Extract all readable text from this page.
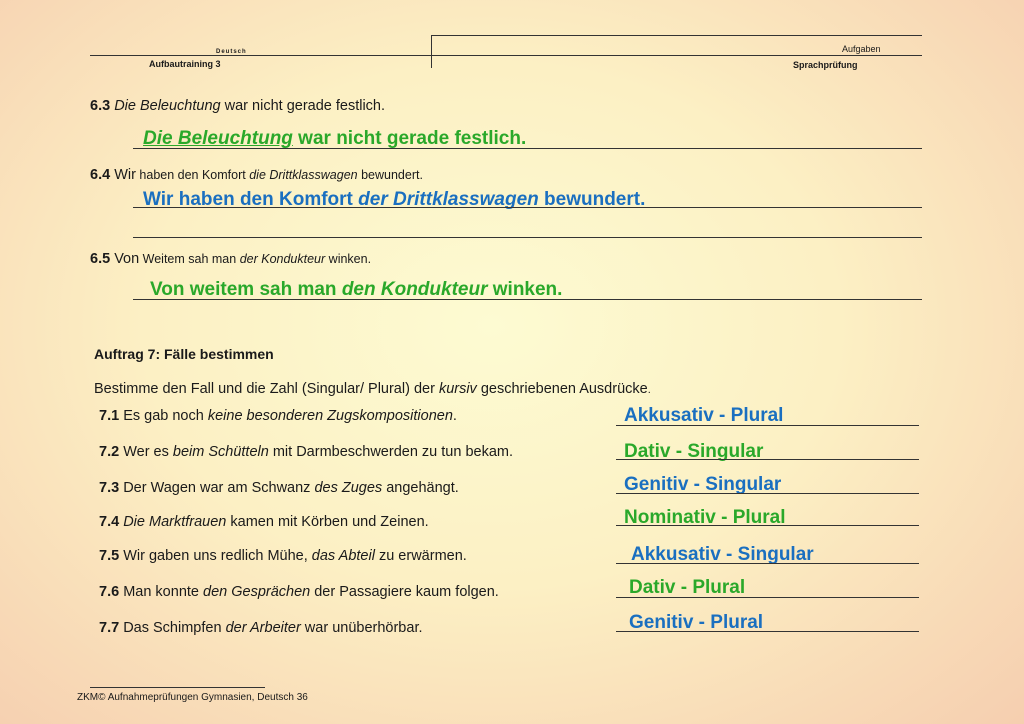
Deutsch
Aufbautraining 3
Aufgaben
Sprachprüfung
6.3 Die Beleuchtung war nicht gerade festlich.
Die Beleuchtung war nicht gerade festlich.
6.4 Wir haben den Komfort die Drittklasswagen bewundert.
Wir haben den Komfort der Drittklasswagen bewundert.
6.5 Von Weitem sah man der Kondukteur winken.
Von weitem sah man den Kondukteur winken.
Auftrag 7: Fälle bestimmen
Bestimme den Fall und die Zahl (Singular/ Plural) der kursiv geschriebenen Ausdrücke.
7.1 Es gab noch keine besonderen Zugskompositionen.	Akkusativ - Plural
7.2 Wer es beim Schütteln mit Darmbeschwerden zu tun bekam.	Dativ - Singular
7.3 Der Wagen war am Schwanz des Zuges angehängt.	Genitiv - Singular
7.4 Die Marktfrauen kamen mit Körben und Zeinen.	Nominativ - Plural
7.5 Wir gaben uns redlich Mühe, das Abteil zu erwärmen.	Akkusativ - Singular
7.6 Man konnte den Gesprächen der Passagiere kaum folgen.	Dativ - Plural
7.7 Das Schimpfen der Arbeiter war unüberhörbar.	Genitiv - Plural
ZKM© Aufnahmeprüfungen Gymnasien, Deutsch 36
